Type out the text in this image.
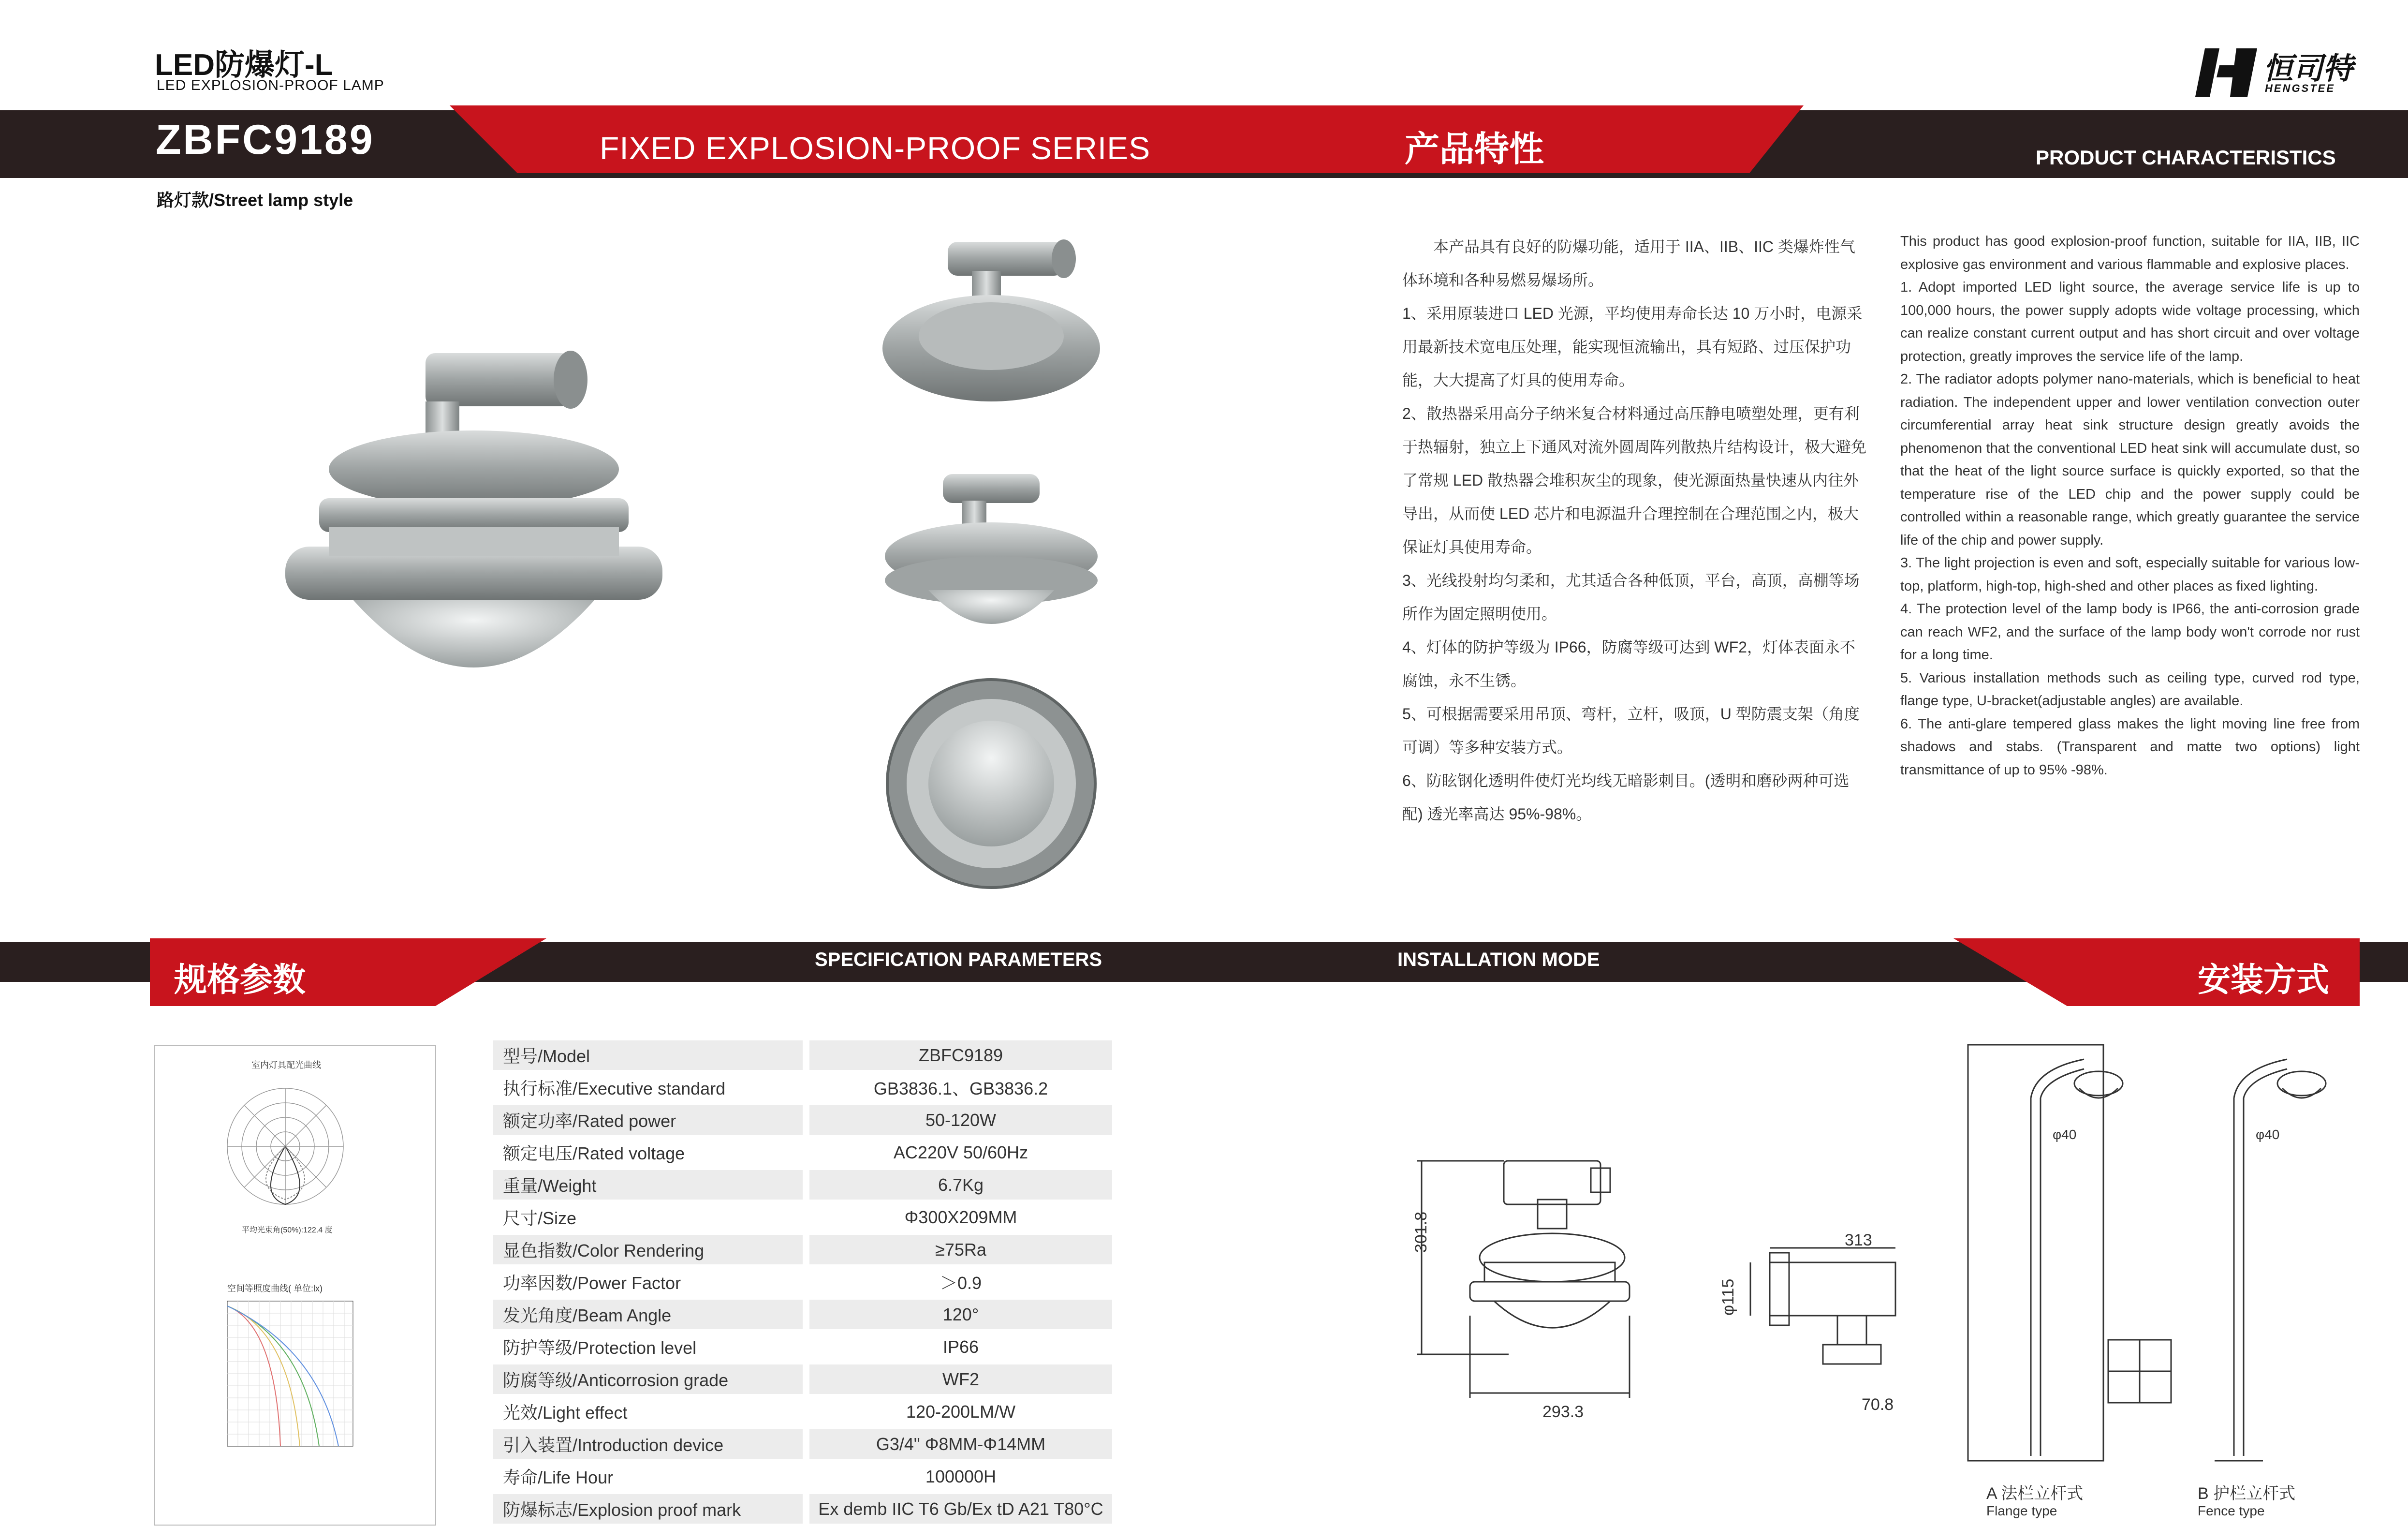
LED防爆灯-L
LED EXPLOSION-PROOF LAMP
ZBFC9189	FIXED EXPLOSION-PROOF SERIES	产品特性	PRODUCT CHARACTERISTICS
路灯款/Street lamp style
恒司特
HENGSTEE

本产品具有良好的防爆功能，适用于 IIA、IIB、IIC 类爆炸性气体环境和各种易燃易爆场所。

1、采用原装进口 LED 光源，平均使用寿命长达 10 万小时，电源采用最新技术宽电压处理，能实现恒流输出，具有短路、过压保护功能，大大提高了灯具的使用寿命。

2、散热器采用高分子纳米复合材料通过高压静电喷塑处理，更有利于热辐射，独立上下通风对流外圆周阵列散热片结构设计，极大避免了常规 LED 散热器会堆积灰尘的现象，使光源面热量快速从内往外导出，从而使 LED 芯片和电源温升合理控制在合理范围之内，极大保证灯具使用寿命。

3、光线投射均匀柔和，尤其适合各种低顶，平台，高顶，高棚等场所作为固定照明使用。

4、灯体的防护等级为 IP66，防腐等级可达到 WF2，灯体表面永不腐蚀，永不生锈。

5、可根据需要采用吊顶、弯杆，立杆，吸顶，U 型防震支架（角度可调）等多种安装方式。

6、防眩钢化透明件使灯光均线无暗影刺目。(透明和磨砂两种可选配) 透光率高达 95%-98%。

This product has good explosion-proof function, suitable for IIA, IIB, IIC explosive gas environment and various flammable and explosive places.

1. Adopt imported LED light source, the average service life is up to 100,000 hours, the power supply adopts wide voltage processing, which can realize constant current output and has short circuit and over voltage protection, greatly improves the service life of the lamp.

2. The radiator adopts polymer nano-materials, which is beneficial to heat radiation. The independent upper and lower ventilation convection outer circumferential array heat sink structure design greatly avoids the phenomenon that the conventional LED heat sink will accumulate dust, so that the heat of the light source surface is quickly exported, so that the temperature rise of the LED chip and the power supply could be controlled within a reasonable range, which greatly guarantee the service life of the chip and power supply.

3. The light projection is even and soft, especially suitable for various low-top, platform, high-top, high-shed and other places as fixed lighting.

4. The protection level of the lamp body is IP66, the anti-corrosion grade can reach WF2, and the surface of the lamp body won't corrode nor rust for a long time.

5. Various installation methods such as ceiling type, curved rod type, flange type, U-bracket(adjustable angles) are available.

6. The anti-glare tempered glass makes the light moving line free from shadows and stabs. (Transparent and matte two options) light transmittance of up to 95% -98%.

规格参数
SPECIFICATION PARAMETERS	INSTALLATION MODE
安装方式
室内灯具配光曲线
平均光束角(50%):122.4 度
空间等照度曲线( 单位:lx)
型号/Model		ZBFC9189
执行标准/Executive standard		GB3836.1、GB3836.2
额定功率/Rated power		50-120W
额定电压/Rated voltage		AC220V 50/60Hz
重量/Weight		6.7Kg
尺寸/Size		Φ300X209MM
显色指数/Color Rendering		≥75Ra
功率因数/Power Factor		＞0.9
发光角度/Beam Angle		120°
防护等级/Protection level		IP66
防腐等级/Anticorrosion grade		WF2
光效/Light effect		120-200LM/W
引入装置/Introduction device		G3/4" Φ8MM-Φ14MM
寿命/Life Hour		100000H
防爆标志/Explosion proof mark		Ex demb IIC T6 Gb/Ex tD A21 T80°C
301.8
293.3
313
φ115
70.8
φ40	φ40
A 法栏立杆式
Flange type
B 护栏立杆式
Fence type
